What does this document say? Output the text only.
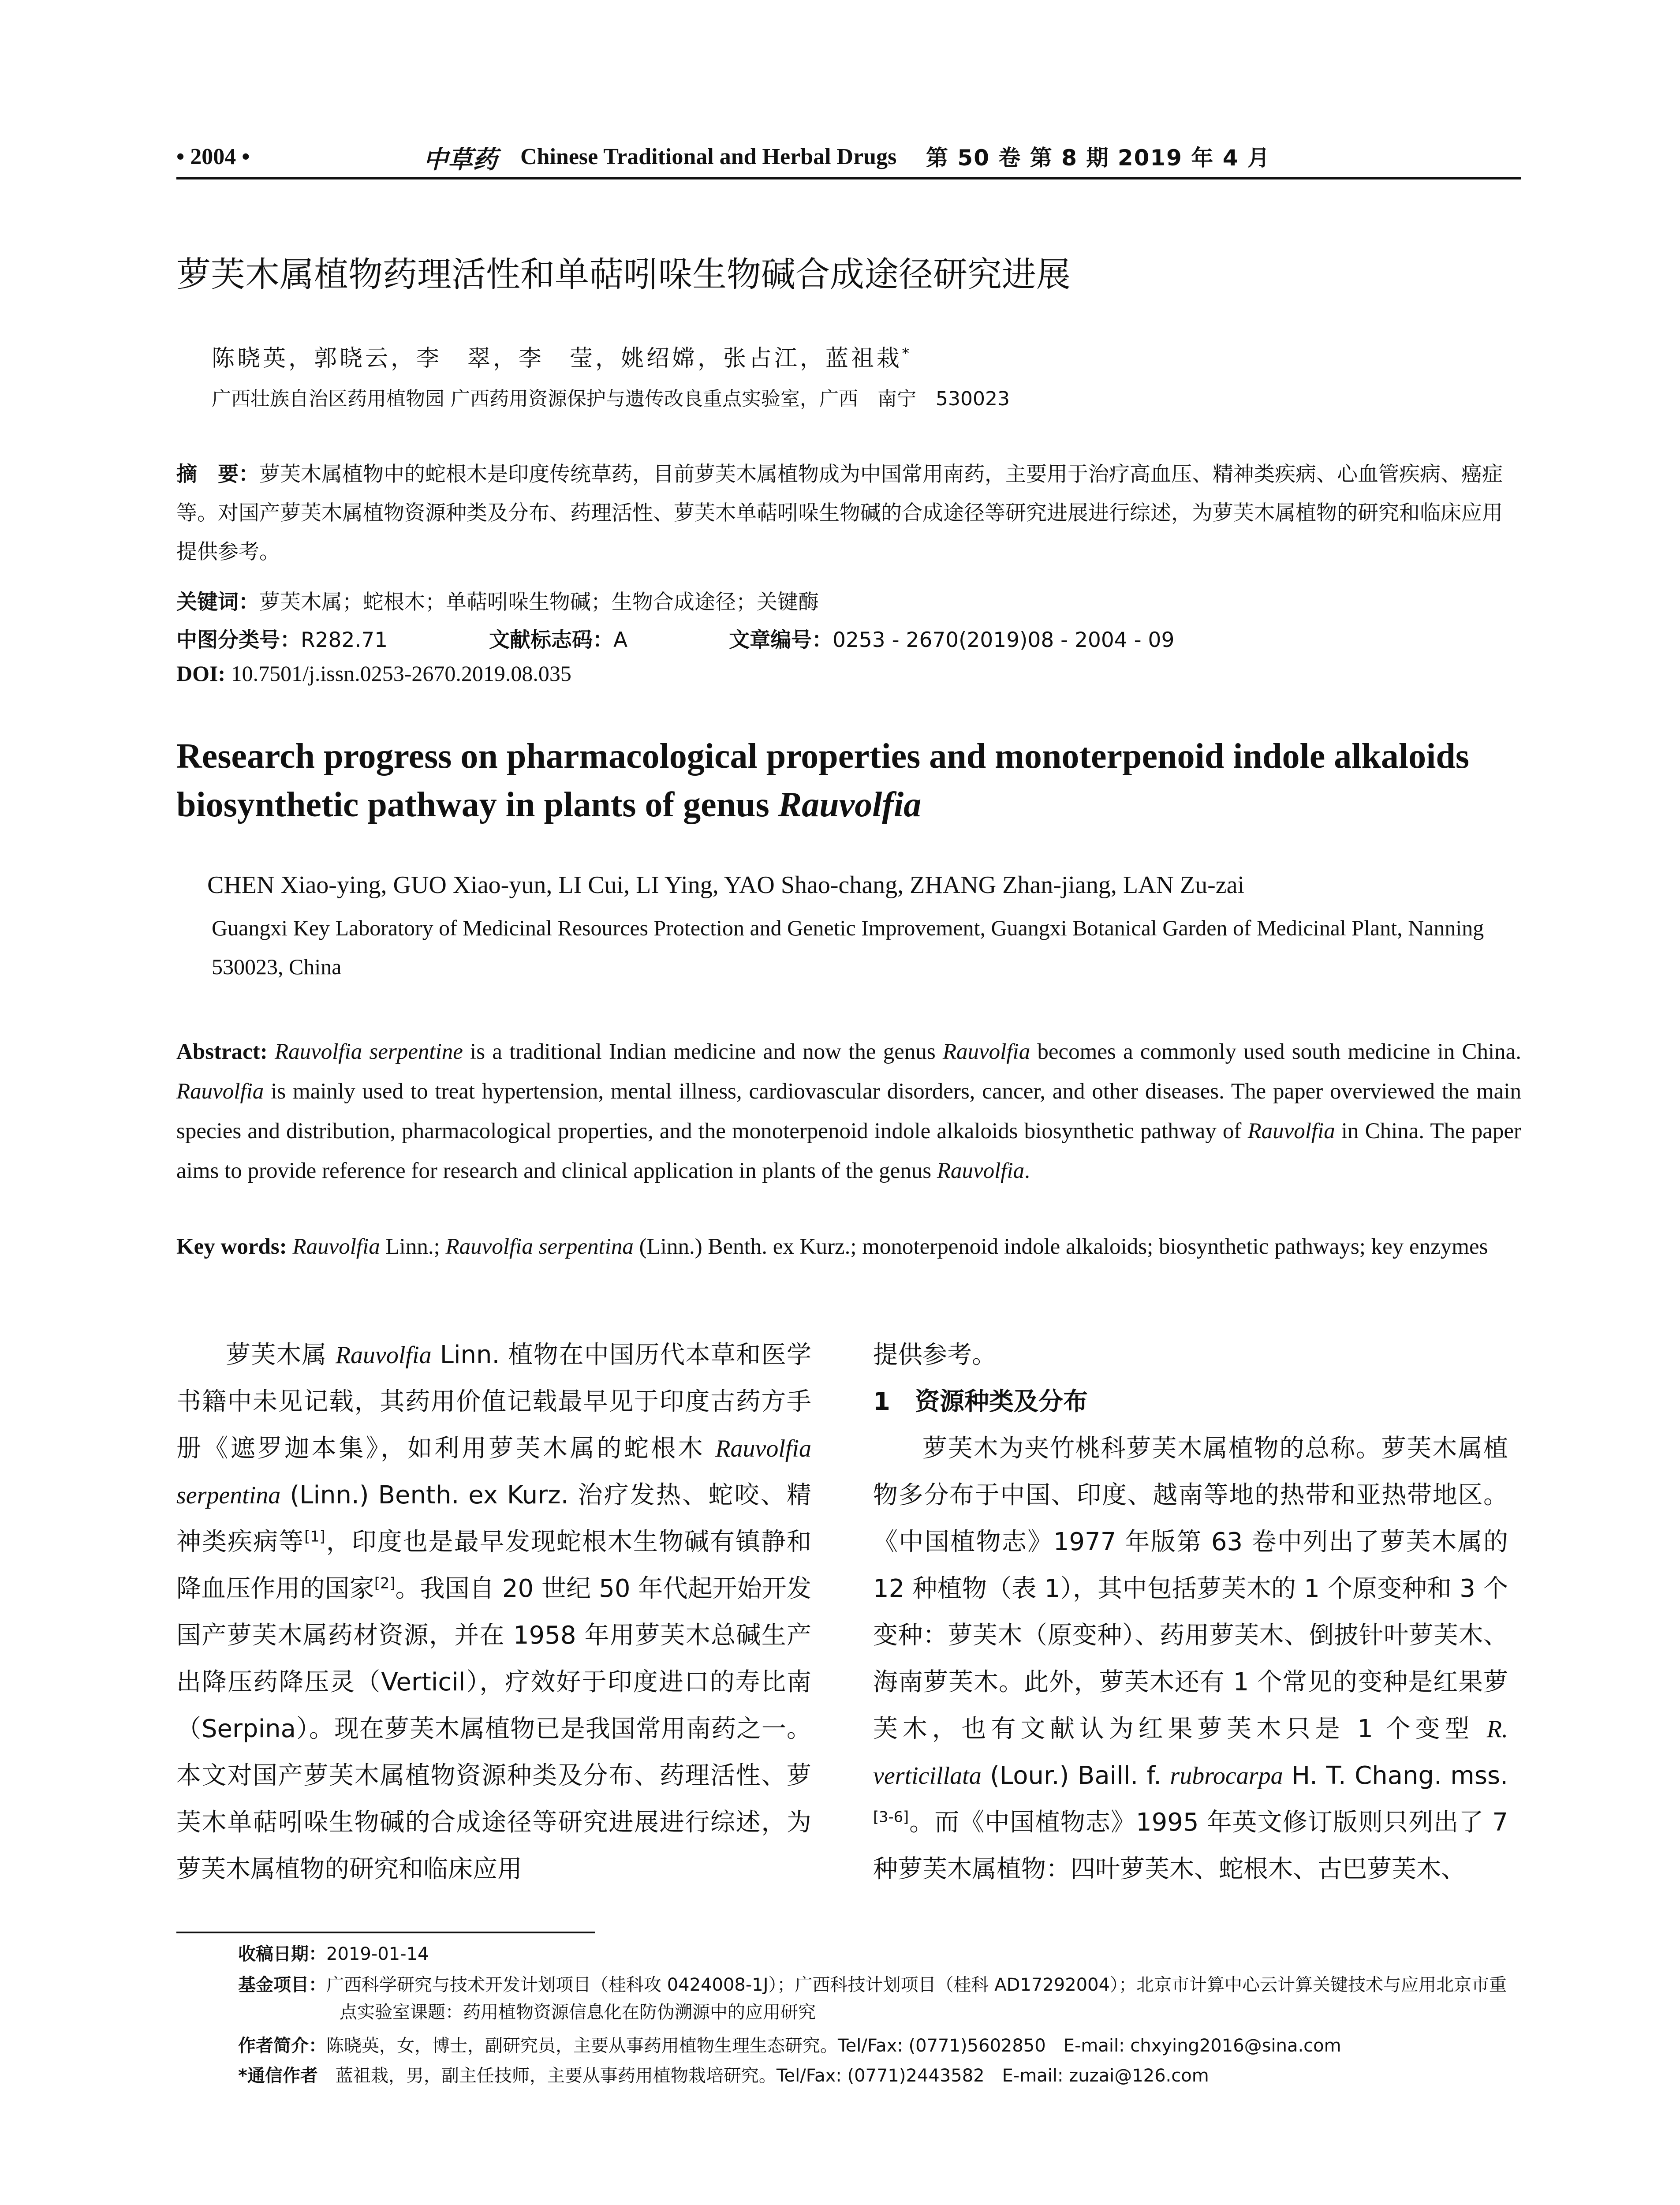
• 2004 •	中草药 Chinese Traditional and Herbal Drugs 第 50 卷 第 8 期 2019 年 4 月
萝芙木属植物药理活性和单萜吲哚生物碱合成途径研究进展
陈晓英，郭晓云，李　翠，李　莹，姚绍嫦，张占江，蓝祖栽*
广西壮族自治区药用植物园 广西药用资源保护与遗传改良重点实验室，广西　南宁　530023
摘　要：萝芙木属植物中的蛇根木是印度传统草药，目前萝芙木属植物成为中国常用南药，主要用于治疗高血压、精神类疾病、心血管疾病、癌症等。对国产萝芙木属植物资源种类及分布、药理活性、萝芙木单萜吲哚生物碱的合成途径等研究进展进行综述，为萝芙木属植物的研究和临床应用提供参考。
关键词：萝芙木属；蛇根木；单萜吲哚生物碱；生物合成途径；关键酶
中图分类号：R282.71	文献标志码：A	文章编号：0253 - 2670(2019)08 - 2004 - 09
DOI: 10.7501/j.issn.0253-2670.2019.08.035
Research progress on pharmacological properties and monoterpenoid indole alkaloids biosynthetic pathway in plants of genus Rauvolfia
CHEN Xiao-ying, GUO Xiao-yun, LI Cui, LI Ying, YAO Shao-chang, ZHANG Zhan-jiang, LAN Zu-zai
Guangxi Key Laboratory of Medicinal Resources Protection and Genetic Improvement, Guangxi Botanical Garden of Medicinal Plant, Nanning 530023, China
Abstract: Rauvolfia serpentine is a traditional Indian medicine and now the genus Rauvolfia becomes a commonly used south medicine in China. Rauvolfia is mainly used to treat hypertension, mental illness, cardiovascular disorders, cancer, and other diseases. The paper overviewed the main species and distribution, pharmacological properties, and the monoterpenoid indole alkaloids biosynthetic pathway of Rauvolfia in China. The paper aims to provide reference for research and clinical application in plants of the genus Rauvolfia.
Key words: Rauvolfia Linn.; Rauvolfia serpentina (Linn.) Benth. ex Kurz.; monoterpenoid indole alkaloids; biosynthetic pathways; key enzymes

萝芙木属 Rauvolfia Linn. 植物在中国历代本草和医学书籍中未见记载，其药用价值记载最早见于印度古药方手册《遮罗迦本集》，如利用萝芙木属的蛇根木 Rauvolfia serpentina (Linn.) Benth. ex Kurz. 治疗发热、蛇咬、精神类疾病等[1]，印度也是最早发现蛇根木生物碱有镇静和降血压作用的国家[2]。我国自 20 世纪 50 年代起开始开发国产萝芙木属药材资源，并在 1958 年用萝芙木总碱生产出降压药降压灵（Verticil），疗效好于印度进口的寿比南（Serpina）。现在萝芙木属植物已是我国常用南药之一。本文对国产萝芙木属植物资源种类及分布、药理活性、萝芙木单萜吲哚生物碱的合成途径等研究进展进行综述，为萝芙木属植物的研究和临床应用

提供参考。

1　资源种类及分布

萝芙木为夹竹桃科萝芙木属植物的总称。萝芙木属植物多分布于中国、印度、越南等地的热带和亚热带地区。《中国植物志》1977 年版第 63 卷中列出了萝芙木属的 12 种植物（表 1），其中包括萝芙木的 1 个原变种和 3 个变种：萝芙木（原变种）、药用萝芙木、倒披针叶萝芙木、海南萝芙木。此外，萝芙木还有 1 个常见的变种是红果萝芙木，也有文献认为红果萝芙木只是 1 个变型 R. verticillata (Lour.) Baill. f. rubrocarpa H. T. Chang. mss.[3-6]。而《中国植物志》1995 年英文修订版则只列出了 7 种萝芙木属植物：四叶萝芙木、蛇根木、古巴萝芙木、

收稿日期：2019-01-14
基金项目：广西科学研究与技术开发计划项目（桂科攻 0424008-1J）；广西科技计划项目（桂科 AD17292004）；北京市计算中心云计算关键技术与应用北京市重点实验室课题：药用植物资源信息化在防伪溯源中的应用研究
作者简介：陈晓英，女，博士，副研究员，主要从事药用植物生理生态研究。Tel/Fax: (0771)5602850　E-mail: chxying2016@sina.com
*通信作者　 蓝祖栽，男，副主任技师，主要从事药用植物栽培研究。Tel/Fax: (0771)2443582　E-mail: zuzai@126.com
